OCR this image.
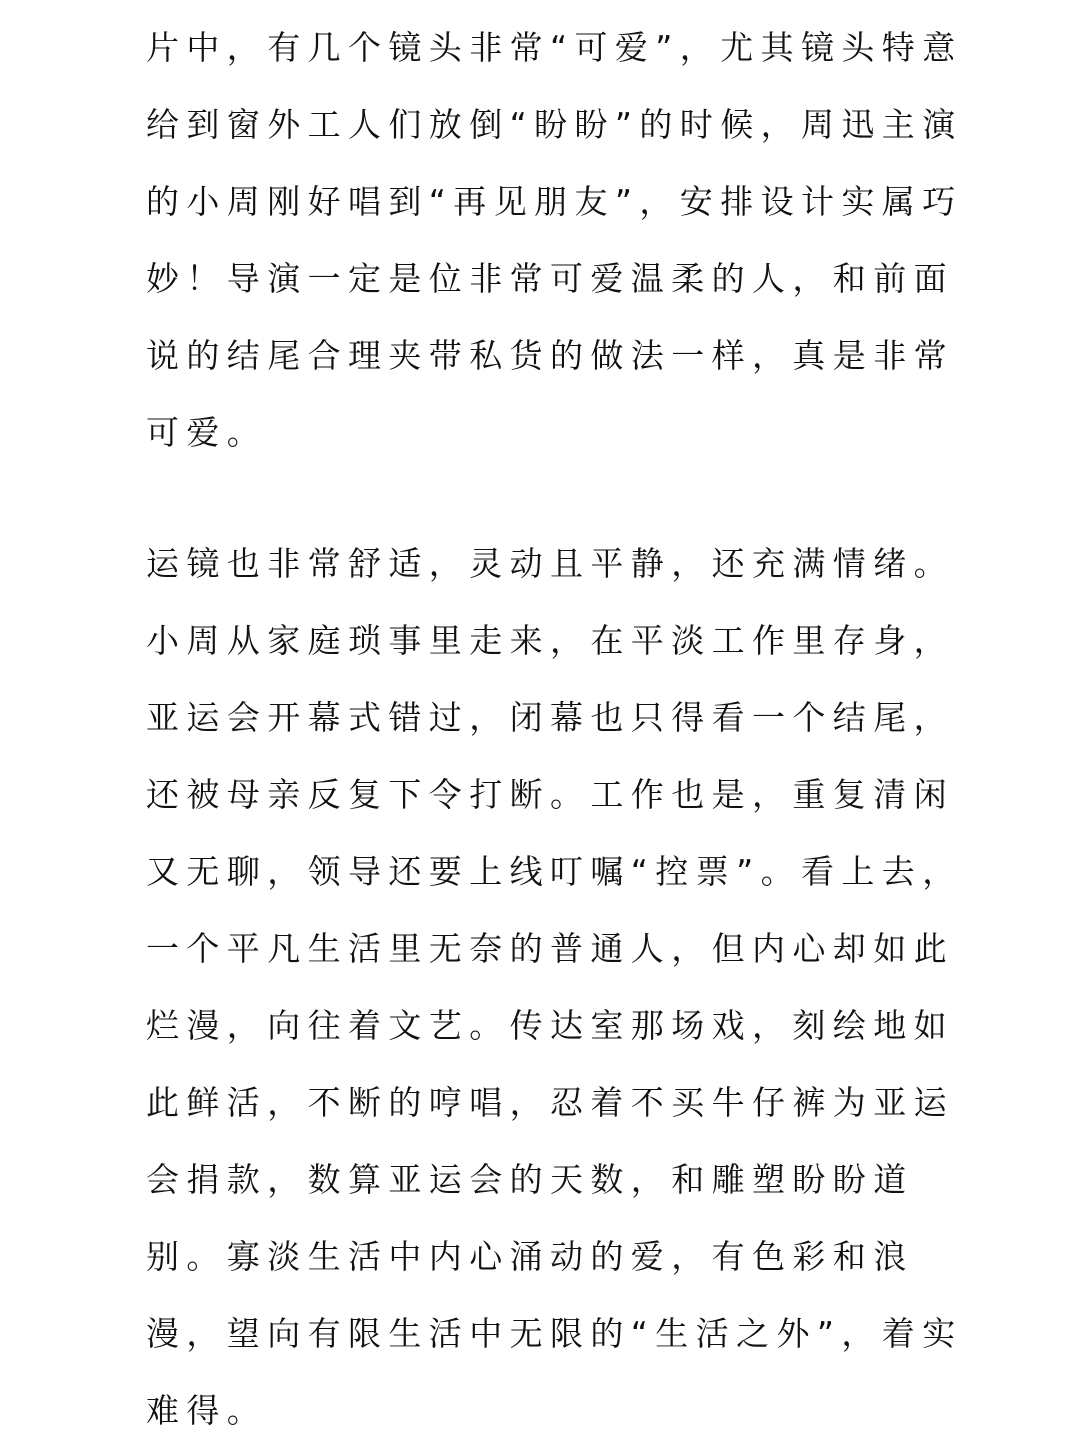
片中，有几个镜头非常“可爱”，尤其镜头特意
给到窗外工人们放倒“盼盼”的时候，周迅主演
的小周刚好唱到“再见朋友”，安排设计实属巧
妙！导演一定是位非常可爱温柔的人，和前面
说的结尾合理夹带私货的做法一样，真是非常
可爱。
运镜也非常舒适，灵动且平静，还充满情绪。
小周从家庭琐事里走来，在平淡工作里存身，
亚运会开幕式错过，闭幕也只得看一个结尾，
还被母亲反复下令打断。工作也是，重复清闲
又无聊，领导还要上线叮嘱“控票”。看上去，
一个平凡生活里无奈的普通人，但内心却如此
烂漫，向往着文艺。传达室那场戏，刻绘地如
此鲜活，不断的哼唱，忍着不买牛仔裤为亚运
会捐款，数算亚运会的天数，和雕塑盼盼道
别。寡淡生活中内心涌动的爱，有色彩和浪
漫，望向有限生活中无限的“生活之外”，着实
难得。
